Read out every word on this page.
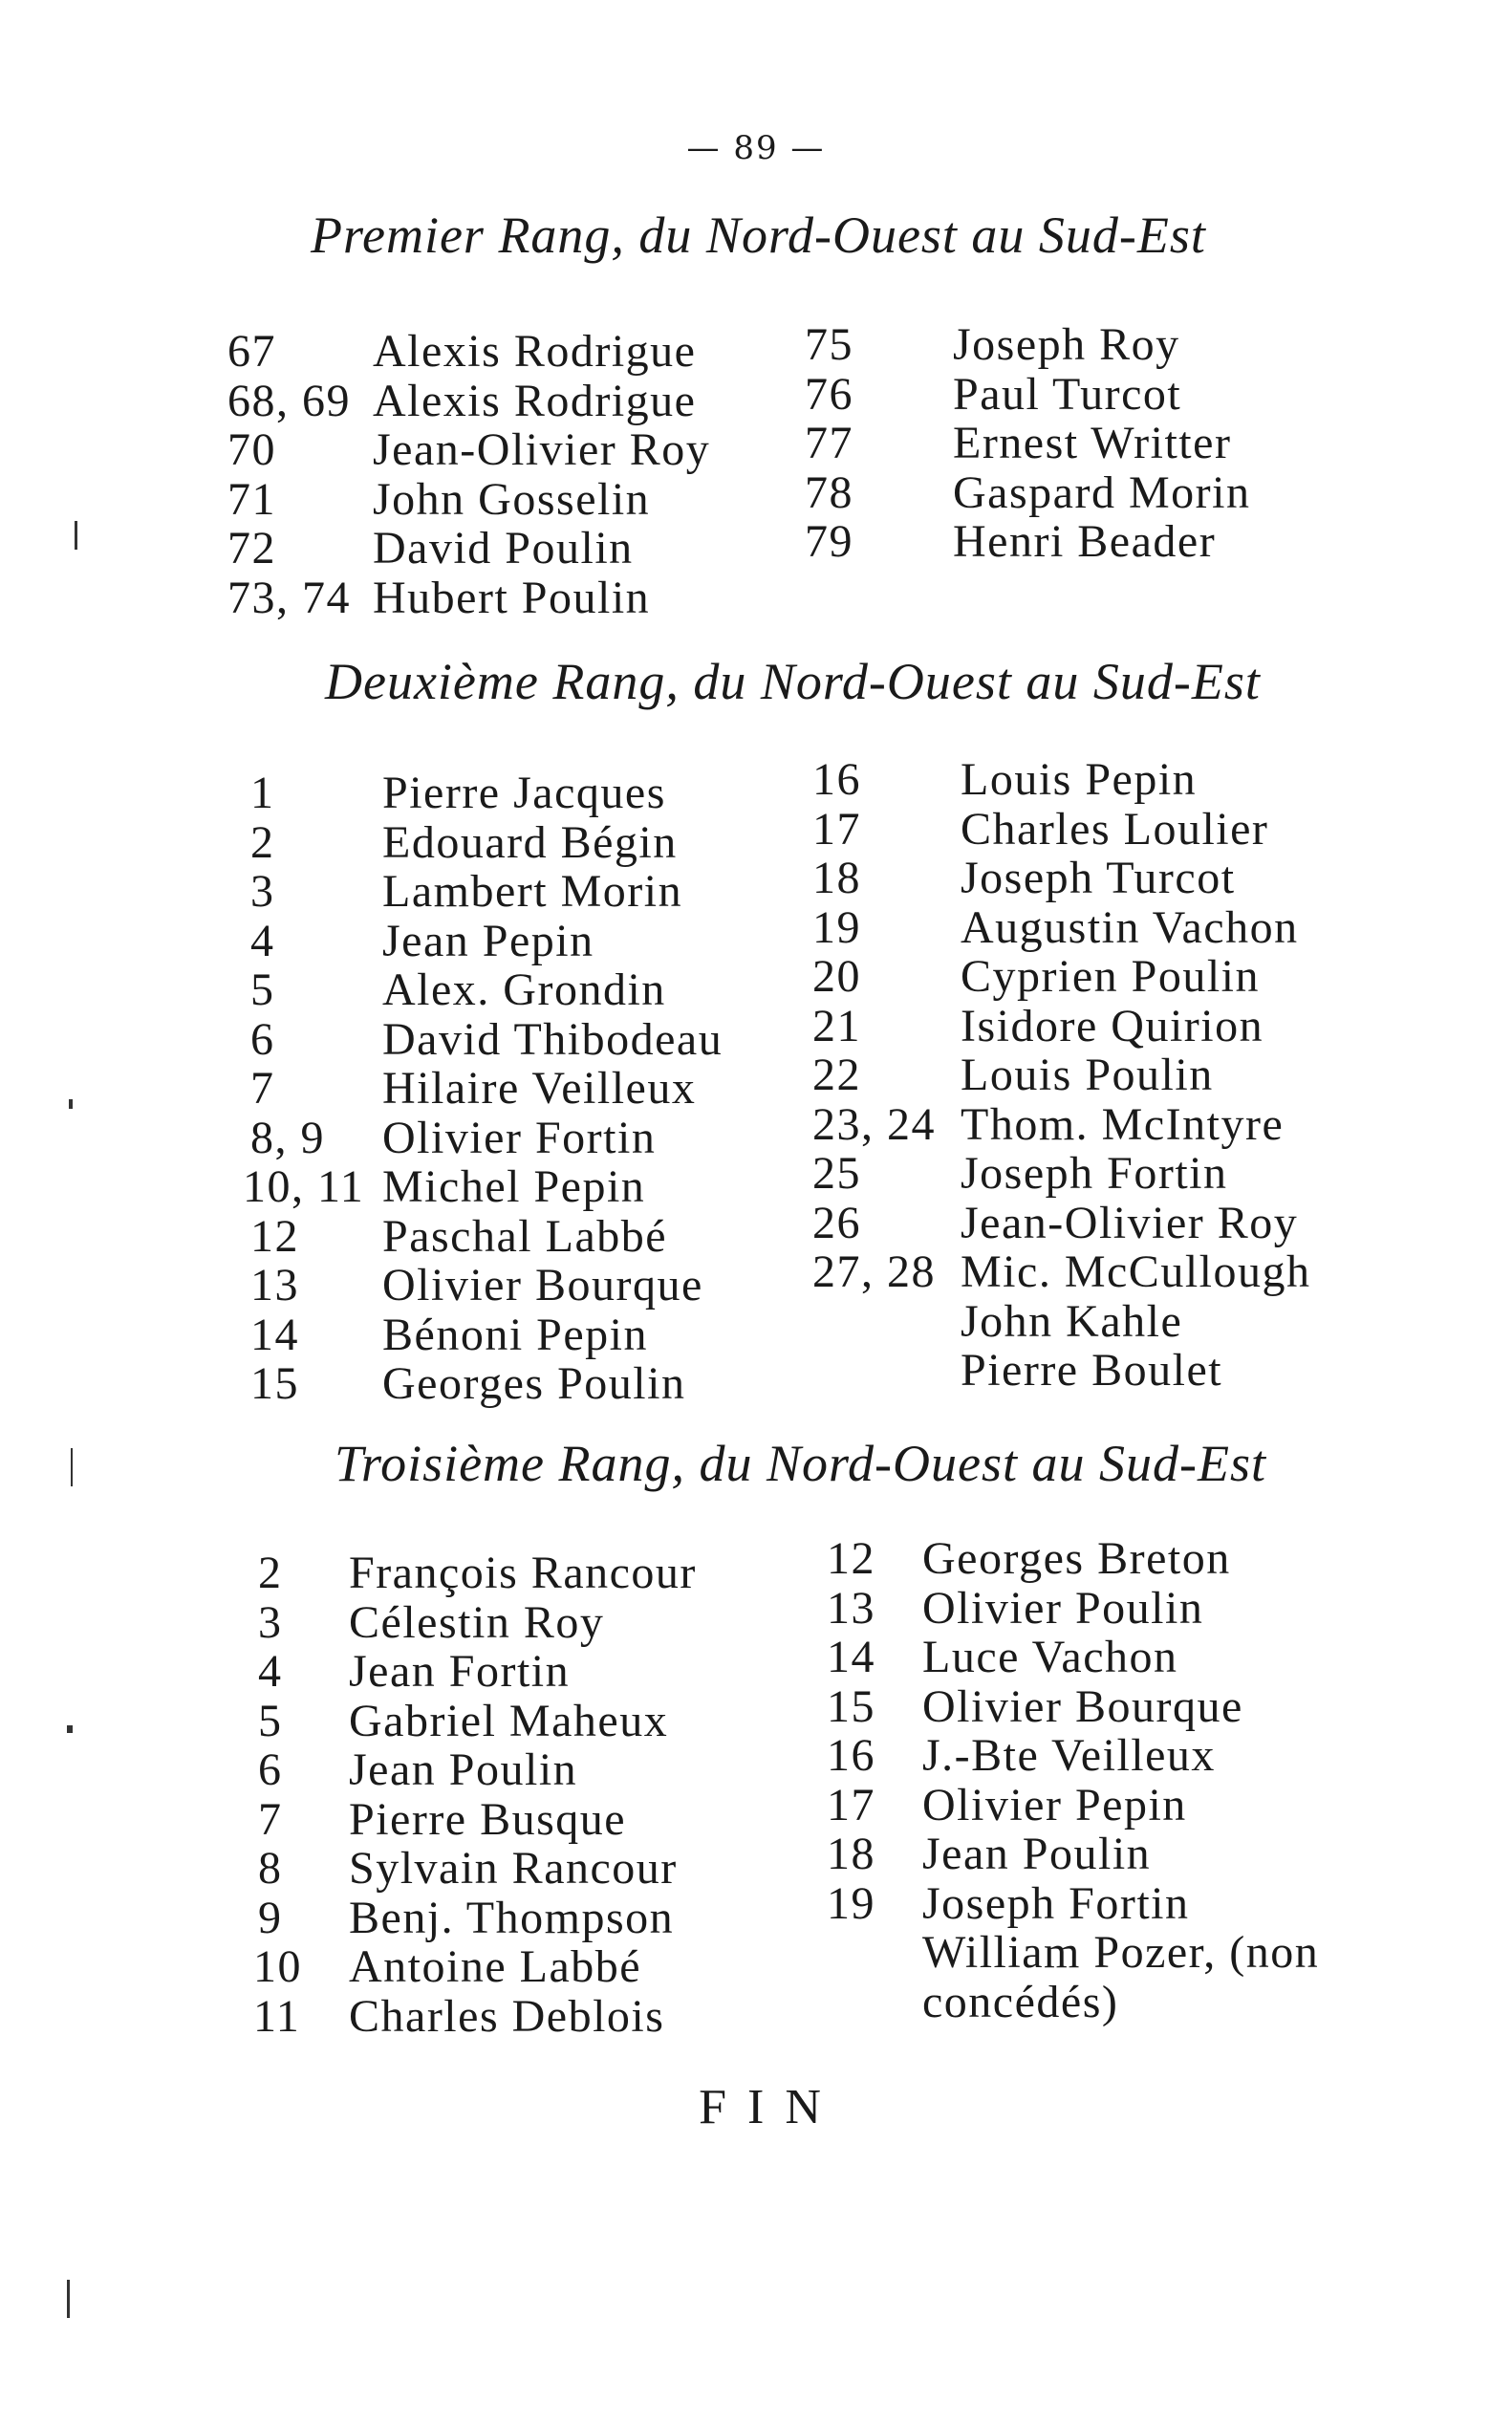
— 89 —
Premier Rang, du Nord-Ouest au Sud-Est
67 Alexis Rodrigue
68, 69 Alexis Rodrigue
70 Jean-Olivier Roy
71 John Gosselin
72 David Poulin
73, 74 Hubert Poulin
75 Joseph Roy
76 Paul Turcot
77 Ernest Writter
78 Gaspard Morin
79 Henri Beader
Deuxième Rang, du Nord-Ouest au Sud-Est
1 Pierre Jacques
2 Edouard Bégin
3 Lambert Morin
4 Jean Pepin
5 Alex. Grondin
6 David Thibodeau
7 Hilaire Veilleux
8, 9 Olivier Fortin
10, 11 Michel Pepin
12 Paschal Labbé
13 Olivier Bourque
14 Bénoni Pepin
15 Georges Poulin
16 Louis Pepin
17 Charles Loulier
18 Joseph Turcot
19 Augustin Vachon
20 Cyprien Poulin
21 Isidore Quirion
22 Louis Poulin
23, 24 Thom. McIntyre
25 Joseph Fortin
26 Jean-Olivier Roy
27, 28 Mic. McCullough
John Kahle
Pierre Boulet
Troisième Rang, du Nord-Ouest au Sud-Est
2 François Rancour
3 Célestin Roy
4 Jean Fortin
5 Gabriel Maheux
6 Jean Poulin
7 Pierre Busque
8 Sylvain Rancour
9 Benj. Thompson
10 Antoine Labbé
11 Charles Deblois
12 Georges Breton
13 Olivier Poulin
14 Luce Vachon
15 Olivier Bourque
16 J.-Bte Veilleux
17 Olivier Pepin
18 Jean Poulin
19 Joseph Fortin
William Pozer, (non
concédés)
FIN
